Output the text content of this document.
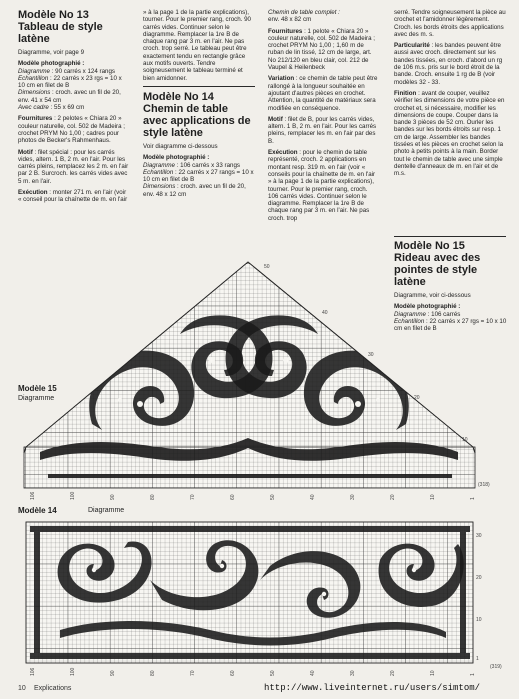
Modèle No 13
Tableau de style latène

Diagramme, voir page 9

Modèle photographié :

Diagramme : 90 carrés x 124 rangs
Echantillon : 22 carrés x 23 rgs = 10 x 10 cm en filet de B
Dimensions : croch. avec un fil de 20, env. 41 x 54 cm
Avec cadre : 55 x 69 cm

Fournitures : 2 pelotes « Chiara 20 » couleur naturelle, col. 502 de Madeira ; crochet PRYM No 1,00 ; cadres pour photos de Becker's Rahmenhaus.

Motif : filet spécial : pour les carrés vides, altern. 1 B, 2 m. en l'air. Pour les carrés pleins, remplacez les 2 m. en l'air par 2 B. Surcroch. les carrés vides avec 5 m. en l'air.

Exécution : monter 271 m. en l'air (voir « conseil pour la chaînette de m. en l'air

» à la page 1 de la partie explications), tourner. Pour le premier rang, croch. 90 carrés vides. Continuer selon le diagramme. Remplacer la 1re B de chaque rang par 3 m. en l'air. Ne pas croch. trop serré. Le tableau peut être exactement tendu en rectangle grâce aux motifs ouverts. Tendre soigneusement le tableau terminé et bien amidonner.

Modèle No 14
Chemin de table avec applications de style latène

Voir diagramme ci-dessous

Modèle photographié :

Diagramme : 106 carrés x 33 rangs
Echantillon : 22 carrés x 27 rangs = 10 x 10 cm en filet de B
Dimensions : croch. avec un fil de 20, env. 48 x 12 cm

Chemin de table complet :
env. 48 x 82 cm

Fournitures : 1 pelote « Chiara 20 » couleur naturelle, col. 502 de Madeira ; crochet PRYM No 1,00 ; 1,60 m de ruban de lin tissé, 12 cm de large, art. No 212/120 en bleu clair, col. 212 de Vaupel & Heilenbeck

Variation : ce chemin de table peut être rallongé à la longueur souhaitée en ajoutant d'autres pièces en crochet. Attention, la quantité de matériaux sera modifiée en conséquence.

Motif : filet de B, pour les carrés vides, altern. 1 B, 2 m. en l'air. Pour les carrés pleins, remplacer les m. en l'air par des B.

Exécution : pour le chemin de table représenté, croch. 2 applications en montant resp. 319 m. en l'air (voir « conseils pour la chaînette de m. en l'air » à la page 1 de la partie explications), tourner. Pour le premier rang, croch. 106 carrés vides. Continuer selon le diagramme. Remplacer la 1re B de chaque rang par 3 m. en l'air. Ne pas croch. trop

serré. Tendre soigneusement la pièce au crochet et l'amidonner légèrement. Croch. les bords étroits des applications avec des m. s.

Particularité : les bandes peuvent être aussi avec croch. directement sur les bandes tissées, en croch. d'abord un rg de 106 m.s. pris sur le bord étroit de la bande. Croch. ensuite 1 rg de B (voir modèles 32 - 33.

Finition : avant de couper, veuillez vérifier les dimensions de votre pièce en crochet et, si nécessaire, modifier les dimensions de coupe. Couper dans la bande 3 pièces de 52 cm. Ourler les bandes sur les bords étroits sur resp. 1 cm de large. Assembler les bandes tissées et les pièces en crochet selon la photo à petits points à la main. Border tout le chemin de table avec une simple dentelle d'anneaux de m. en l'air et de m.s.

Modèle No 15
Rideau avec des pointes de style latène

Diagramme, voir ci-dessous

Modèle photographié :

Diagramme : 106 carrés
Echantillon : 22 carrés x 27 rgs = 10 x 10 cm en filet de B

Modèle 15
Diagramme
50
40
30
20
10
(318)
106	100	90	80	70	60	50	40	30	20	10	1
Modèle 14	Diagramme
30
20
10
1
(319)
106	100	90	80	70	60	50	40	30	20	10	1
10 Explications	http://www.liveinternet.ru/users/simtom/
